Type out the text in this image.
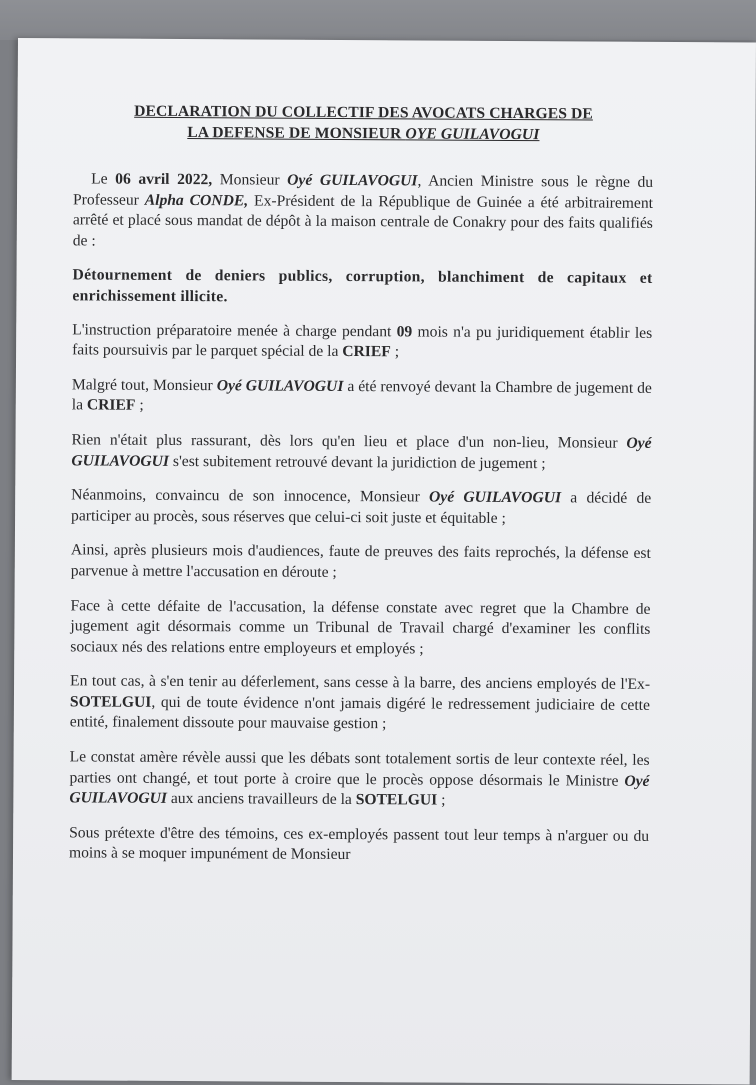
DECLARATION DU COLLECTIF DES AVOCATS CHARGES DE
LA DEFENSE DE MONSIEUR OYE GUILAVOGUI

Le 06 avril 2022, Monsieur Oyé GUILAVOGUI, Ancien Ministre sous le règne du Professeur Alpha CONDE, Ex-Président de la République de Guinée a été arbitrairement arrêté et placé sous mandat de dépôt à la maison centrale de Conakry pour des faits qualifiés de :

Détournement de deniers publics, corruption, blanchiment de capitaux et enrichissement illicite.

L'instruction préparatoire menée à charge pendant 09 mois n'a pu juridiquement établir les faits poursuivis par le parquet spécial de la CRIEF ;

Malgré tout, Monsieur Oyé GUILAVOGUI a été renvoyé devant la Chambre de jugement de la CRIEF ;

Rien n'était plus rassurant, dès lors qu'en lieu et place d'un non-lieu, Monsieur Oyé GUILAVOGUI s'est subitement retrouvé devant la juridiction de jugement ;

Néanmoins, convaincu de son innocence, Monsieur Oyé GUILAVOGUI a décidé de participer au procès, sous réserves que celui-ci soit juste et équitable ;

Ainsi, après plusieurs mois d'audiences, faute de preuves des faits reprochés, la défense est parvenue à mettre l'accusation en déroute ;

Face à cette défaite de l'accusation, la défense constate avec regret que la Chambre de jugement agit désormais comme un Tribunal de Travail chargé d'examiner les conflits sociaux nés des relations entre employeurs et employés ;

En tout cas, à s'en tenir au déferlement, sans cesse à la barre, des anciens employés de l'Ex-SOTELGUI, qui de toute évidence n'ont jamais digéré le redressement judiciaire de cette entité, finalement dissoute pour mauvaise gestion ;

Le constat amère révèle aussi que les débats sont totalement sortis de leur contexte réel, les parties ont changé, et tout porte à croire que le procès oppose désormais le Ministre Oyé GUILAVOGUI aux anciens travailleurs de la SOTELGUI ;

Sous prétexte d'être des témoins, ces ex-employés passent tout leur temps à n'arguer ou du moins à se moquer impunément de Monsieur
